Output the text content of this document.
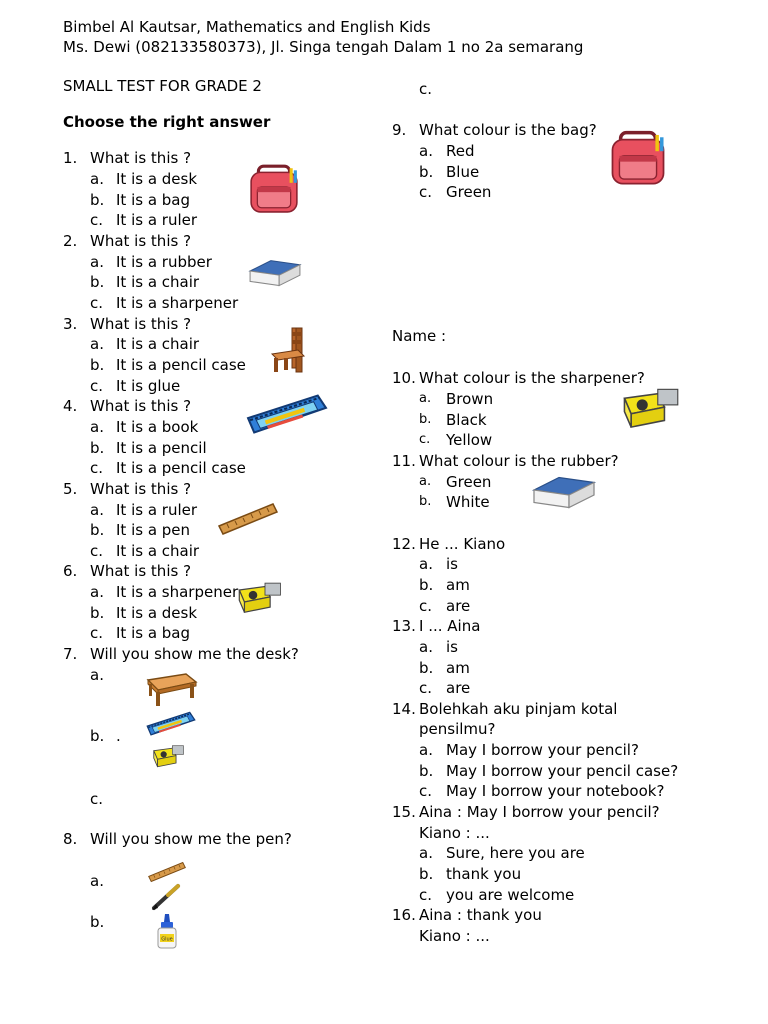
Bimbel Al Kautsar, Mathematics and English Kids
Ms. Dewi (082133580373), Jl. Singa tengah Dalam 1 no 2a semarang
SMALL TEST FOR GRADE 2
Choose the right answer
1. What is this ?
a. It is a desk
b. It is a bag
c. It is a ruler
2. What is this ?
a. It is a rubber
b. It is a chair
c. It is a sharpener
3. What is this ?
a. It is a chair
b. It is a pencil case
c. It is glue
4. What is this ?
a. It is a book
b. It is a pencil
c. It is a pencil case
5. What is this ?
a. It is a ruler
b. It is a pen
c. It is a chair
6. What is this ?
a. It is a sharpener
b. It is a desk
c. It is a bag
7. Will you show me the desk?
a.
b. .
c.
8. Will you show me the pen?
a.
b.
c.
9. What colour is the bag?
a. Red
b. Blue
c. Green
Name :
10. What colour is the sharpener?
a. Brown
b. Black
c. Yellow
11. What colour is the rubber?
a. Green
b. White
12. He ... Kiano
a. is
b. am
c. are
13. I ... Aina
a. is
b. am
c. are
14. Bolehkah aku pinjam kotal
pensilmu?
a. May I borrow your pencil?
b. May I borrow your pencil case?
c. May I borrow your notebook?
15. Aina : May I borrow your pencil?
Kiano : ...
a. Sure, here you are
b. thank you
c. you are welcome
16. Aina : thank you
Kiano : ...
Glue
